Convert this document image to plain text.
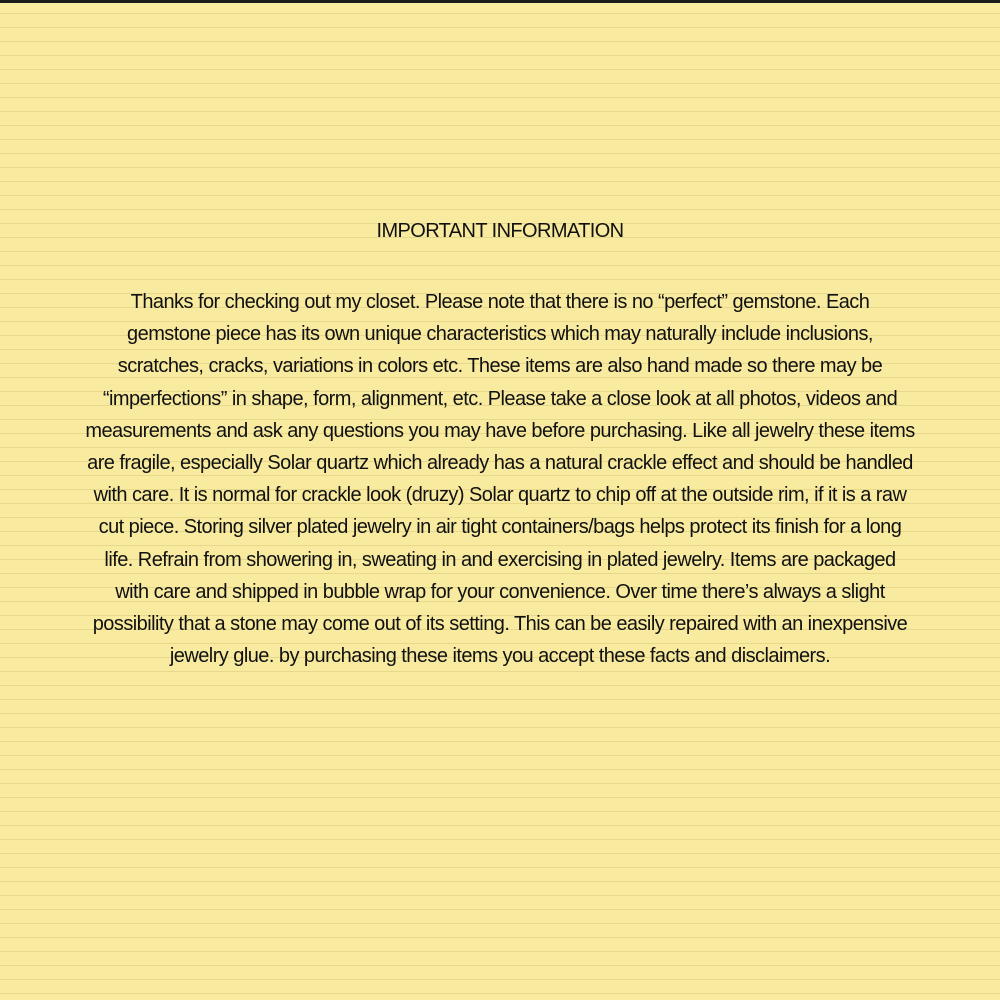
IMPORTANT INFORMATION

Thanks for checking out my closet. Please note that there is no “perfect” gemstone. Each
gemstone piece has its own unique characteristics which may naturally include inclusions,
scratches, cracks, variations in colors etc. These items are also hand made so there may be
“imperfections” in shape, form, alignment, etc. Please take a close look at all photos, videos and
measurements and ask any questions you may have before purchasing. Like all jewelry these items
are fragile, especially Solar quartz which already has a natural crackle effect and should be handled
with care. It is normal for crackle look (druzy) Solar quartz to chip off at the outside rim, if it is a raw
cut piece. Storing silver plated jewelry in air tight containers/bags helps protect its finish for a long
life. Refrain from showering in, sweating in and exercising in plated jewelry. Items are packaged
with care and shipped in bubble wrap for your convenience. Over time there’s always a slight
possibility that a stone may come out of its setting. This can be easily repaired with an inexpensive
jewelry glue. by purchasing these items you accept these facts and disclaimers.
